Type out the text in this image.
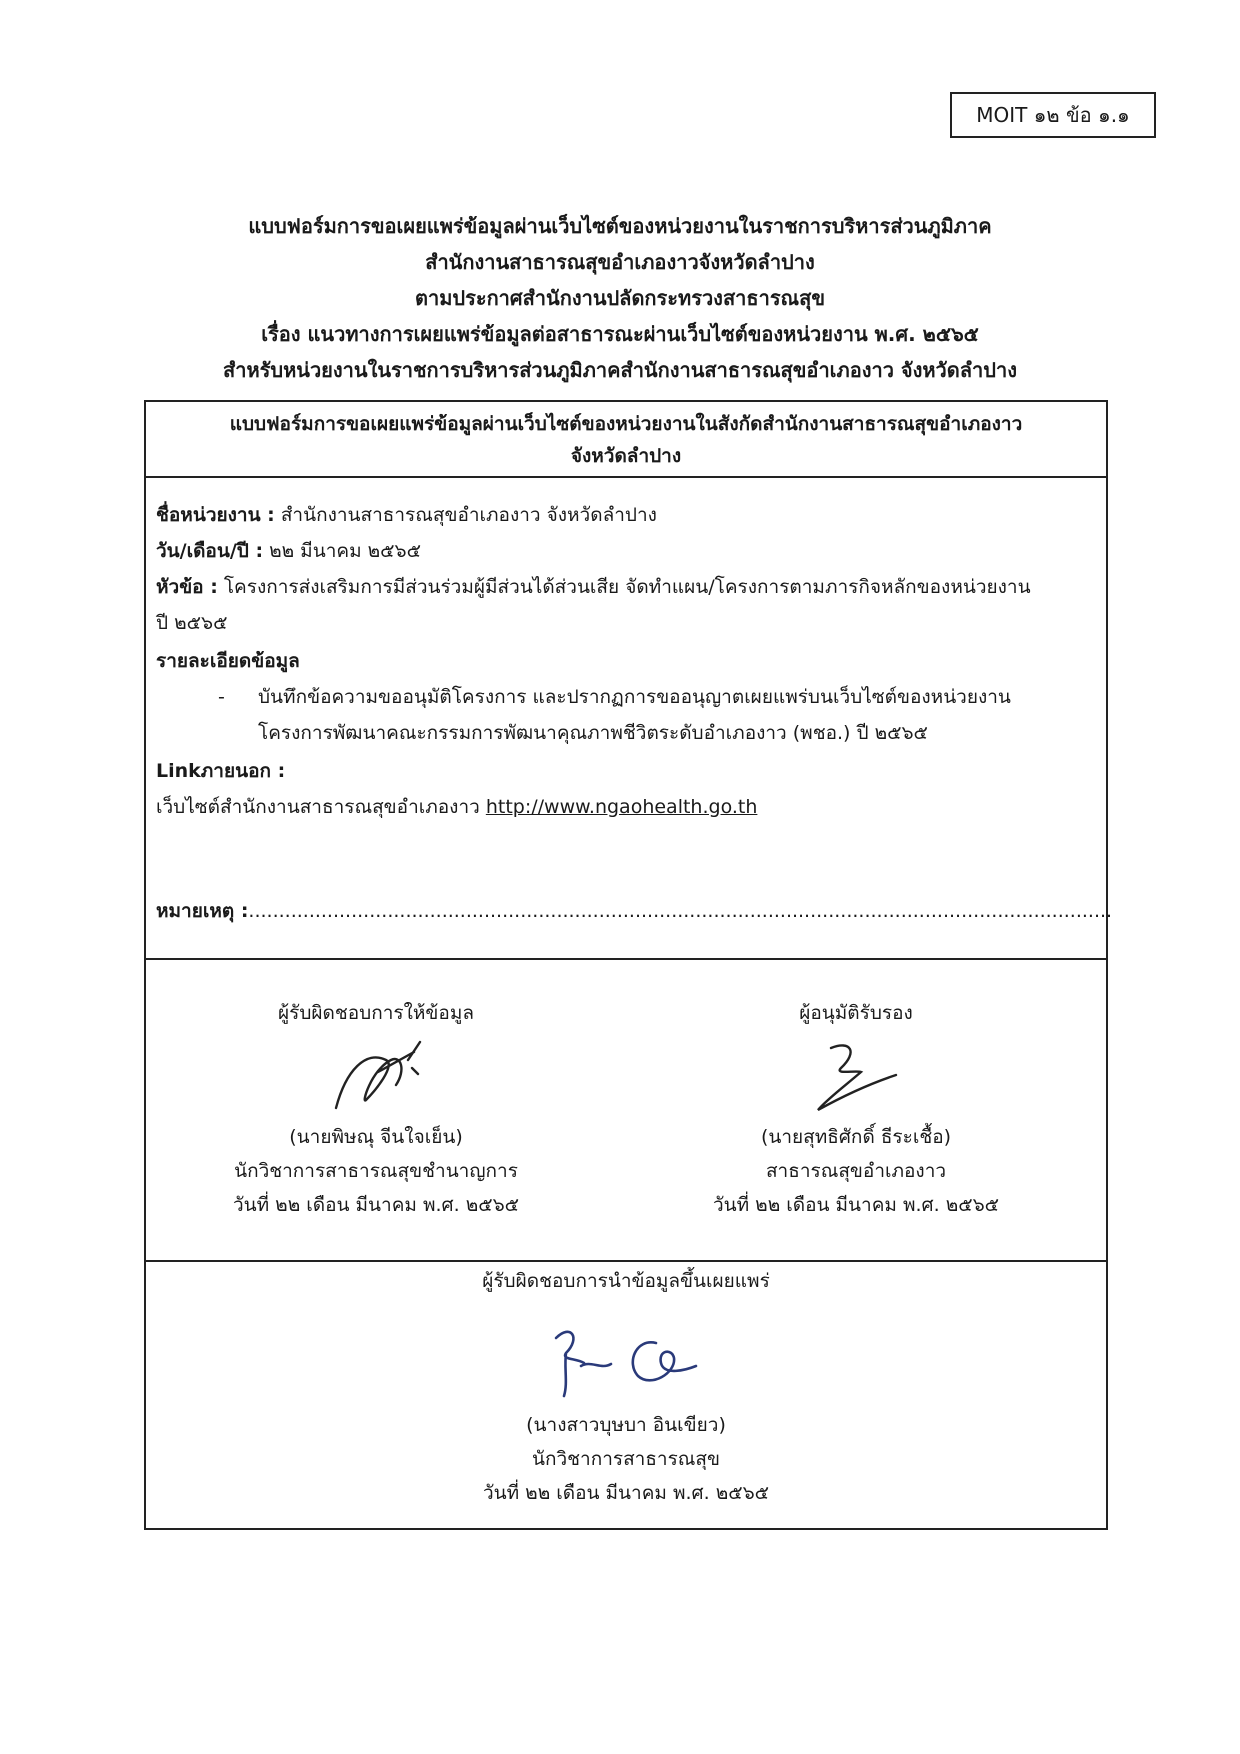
MOIT ๑๒ ข้อ ๑.๑
แบบฟอร์มการขอเผยแพร่ข้อมูลผ่านเว็บไซต์ของหน่วยงานในราชการบริหารส่วนภูมิภาค
สำนักงานสาธารณสุขอำเภองาวจังหวัดลำปาง
ตามประกาศสำนักงานปลัดกระทรวงสาธารณสุข
เรื่อง แนวทางการเผยแพร่ข้อมูลต่อสาธารณะผ่านเว็บไซต์ของหน่วยงาน พ.ศ. ๒๕๖๕
สำหรับหน่วยงานในราชการบริหารส่วนภูมิภาคสำนักงานสาธารณสุขอำเภองาว จังหวัดลำปาง
แบบฟอร์มการขอเผยแพร่ข้อมูลผ่านเว็บไซต์ของหน่วยงานในสังกัดสำนักงานสาธารณสุขอำเภองาว
จังหวัดลำปาง
ชื่อหน่วยงาน : สำนักงานสาธารณสุขอำเภองาว จังหวัดลำปาง
วัน/เดือน/ปี : ๒๒ มีนาคม ๒๕๖๕
หัวข้อ : โครงการส่งเสริมการมีส่วนร่วมผู้มีส่วนได้ส่วนเสีย จัดทำแผน/โครงการตามภารกิจหลักของหน่วยงาน
ปี ๒๕๖๕
รายละเอียดข้อมูล
- บันทึกข้อความขออนุมัติโครงการ และปรากฏการขออนุญาตเผยแพร่บนเว็บไซต์ของหน่วยงาน
โครงการพัฒนาคณะกรรมการพัฒนาคุณภาพชีวิตระดับอำเภองาว (พชอ.) ปี ๒๕๖๕
Linkภายนอก :
เว็บไซต์สำนักงานสาธารณสุขอำเภองาว http://www.ngaohealth.go.th
หมายเหตุ :...............................................................................................................................................
ผู้รับผิดชอบการให้ข้อมูล
(นายพิษณุ จีนใจเย็น)
นักวิชาการสาธารณสุขชำนาญการ
วันที่ ๒๒ เดือน มีนาคม พ.ศ. ๒๕๖๕
ผู้อนุมัติรับรอง
(นายสุทธิศักดิ์ ธีระเชื้อ)
สาธารณสุขอำเภองาว
วันที่ ๒๒ เดือน มีนาคม พ.ศ. ๒๕๖๕
ผู้รับผิดชอบการนำข้อมูลขึ้นเผยแพร่
(นางสาวบุษบา อินเขียว)
นักวิชาการสาธารณสุข
วันที่ ๒๒ เดือน มีนาคม พ.ศ. ๒๕๖๕
